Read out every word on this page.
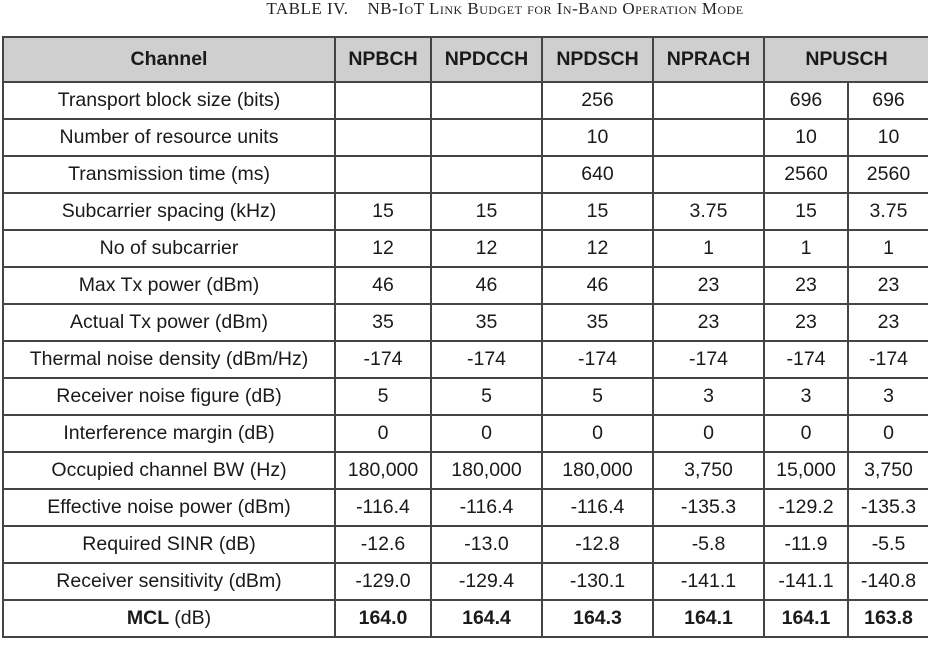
TABLE IV. NB-IoT Link Budget for In-Band Operation Mode
Channel	NPBCH	NPDCCH	NPDSCH	NPRACH	NPUSCH	
Transport block size (bits)			256		696	696
Number of resource units			10		10	10
Transmission time (ms)			640		2560	2560
Subcarrier spacing (kHz)	15	15	15	3.75	15	3.75
No of subcarrier	12	12	12	1	1	1
Max Tx power (dBm)	46	46	46	23	23	23
Actual Tx power (dBm)	35	35	35	23	23	23
Thermal noise density (dBm/Hz)	-174	-174	-174	-174	-174	-174
Receiver noise figure (dB)	5	5	5	3	3	3
Interference margin (dB)	0	0	0	0	0	0
Occupied channel BW (Hz)	180,000	180,000	180,000	3,750	15,000	3,750
Effective noise power (dBm)	-116.4	-116.4	-116.4	-135.3	-129.2	-135.3
Required SINR (dB)	-12.6	-13.0	-12.8	-5.8	-11.9	-5.5
Receiver sensitivity (dBm)	-129.0	-129.4	-130.1	-141.1	-141.1	-140.8
MCL (dB)	164.0	164.4	164.3	164.1	164.1	163.8
